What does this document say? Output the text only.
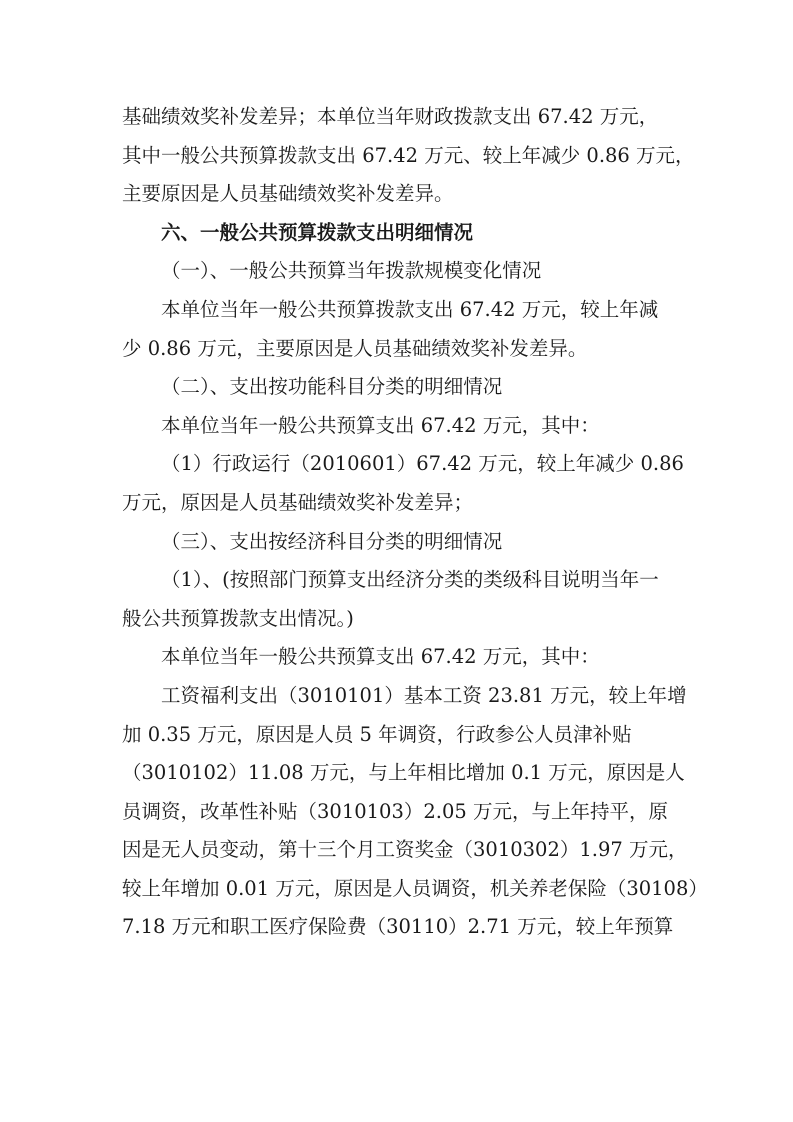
基础绩效奖补发差异；本单位当年财政拨款支出 67.42 万元，
其中一般公共预算拨款支出 67.42 万元、较上年减少 0.86 万元，
主要原因是人员基础绩效奖补发差异。

六、一般公共预算拨款支出明细情况

（一）、一般公共预算当年拨款规模变化情况

本单位当年一般公共预算拨款支出 67.42 万元，较上年减
少 0.86 万元，主要原因是人员基础绩效奖补发差异。

（二）、支出按功能科目分类的明细情况

本单位当年一般公共预算支出 67.42 万元，其中：

（1）行政运行（2010601）67.42 万元，较上年减少 0.86
万元，原因是人员基础绩效奖补发差异；

（三）、支出按经济科目分类的明细情况

（1）、(按照部门预算支出经济分类的类级科目说明当年一
般公共预算拨款支出情况。)

本单位当年一般公共预算支出 67.42 万元，其中：

工资福利支出（3010101）基本工资 23.81 万元，较上年增
加 0.35 万元，原因是人员 5 年调资，行政参公人员津补贴
（3010102）11.08 万元，与上年相比增加 0.1 万元，原因是人
员调资，改革性补贴（3010103）2.05 万元，与上年持平，原
因是无人员变动，第十三个月工资奖金（3010302）1.97 万元，
较上年增加 0.01 万元，原因是人员调资，机关养老保险（30108）
7.18 万元和职工医疗保险费（30110）2.71 万元，较上年预算
